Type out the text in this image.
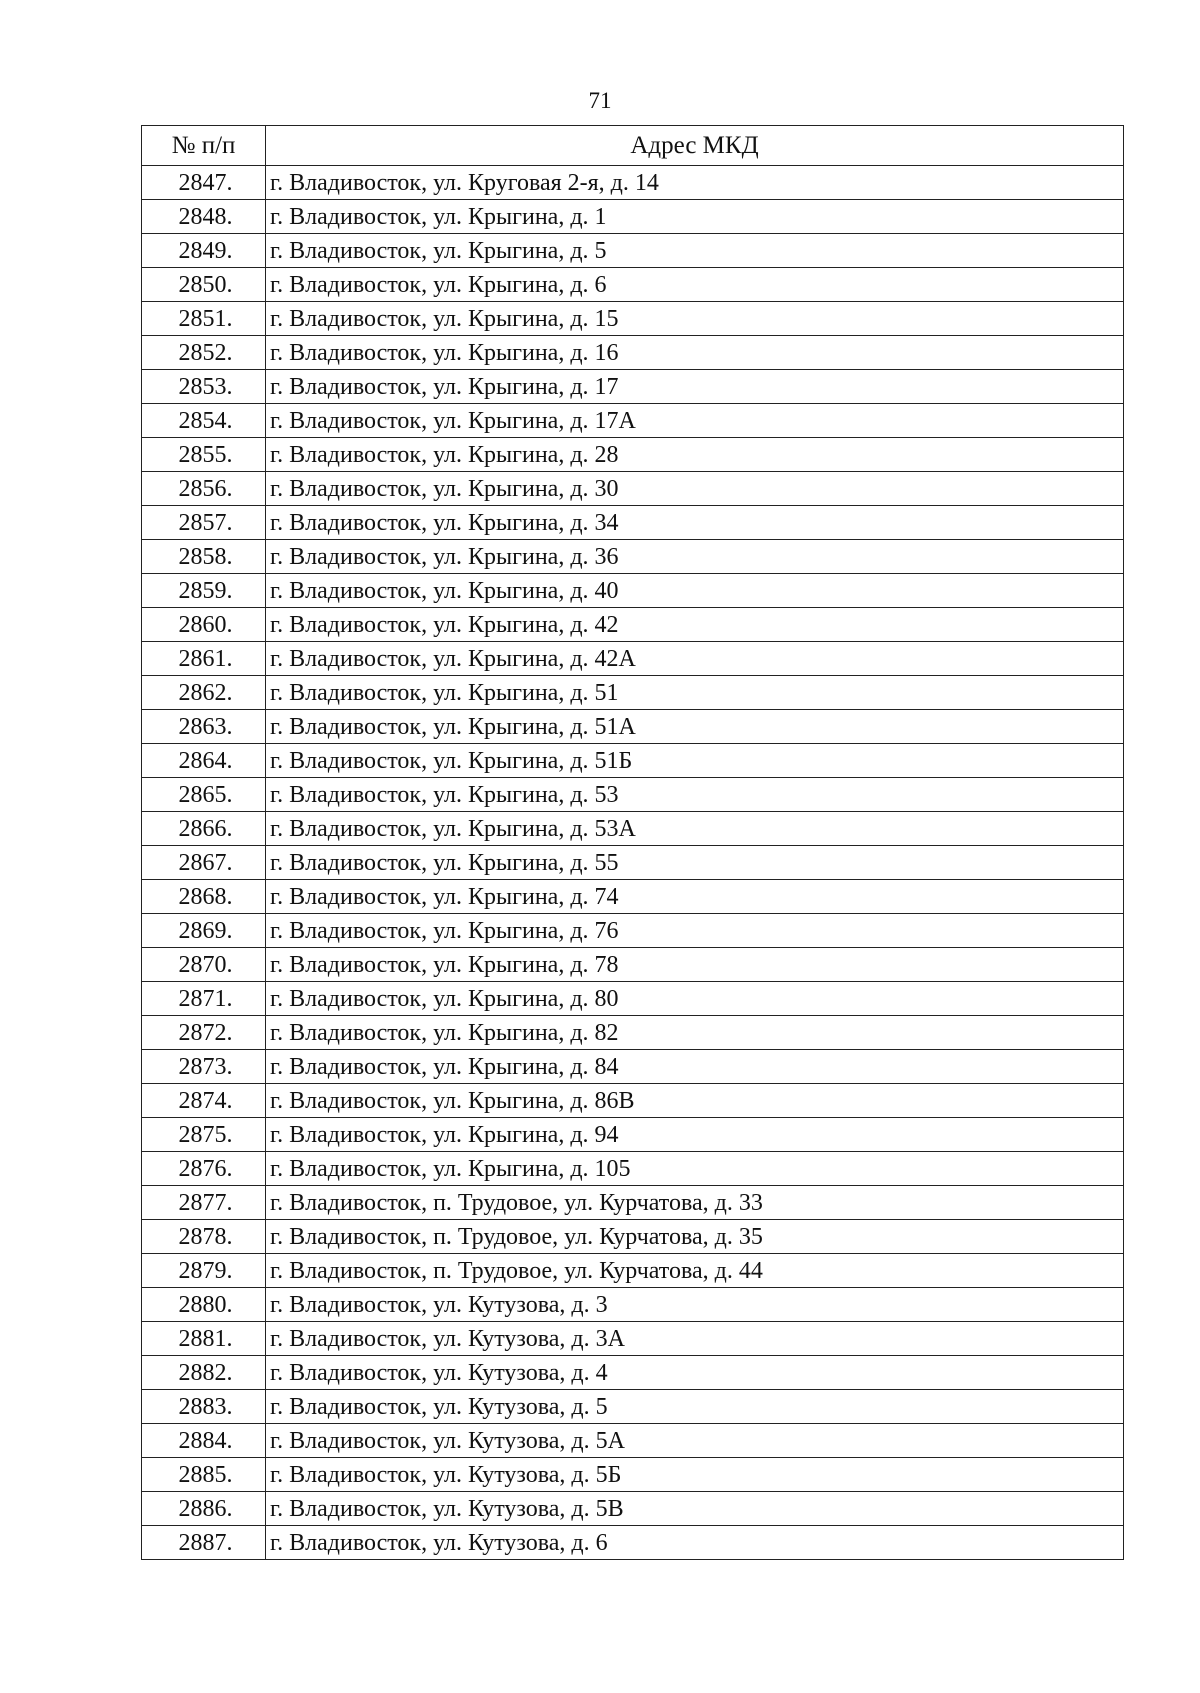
71
№ п/п	Адрес МКД
2847.	г. Владивосток, ул. Круговая 2-я, д. 14
2848.	г. Владивосток, ул. Крыгина, д. 1
2849.	г. Владивосток, ул. Крыгина, д. 5
2850.	г. Владивосток, ул. Крыгина, д. 6
2851.	г. Владивосток, ул. Крыгина, д. 15
2852.	г. Владивосток, ул. Крыгина, д. 16
2853.	г. Владивосток, ул. Крыгина, д. 17
2854.	г. Владивосток, ул. Крыгина, д. 17А
2855.	г. Владивосток, ул. Крыгина, д. 28
2856.	г. Владивосток, ул. Крыгина, д. 30
2857.	г. Владивосток, ул. Крыгина, д. 34
2858.	г. Владивосток, ул. Крыгина, д. 36
2859.	г. Владивосток, ул. Крыгина, д. 40
2860.	г. Владивосток, ул. Крыгина, д. 42
2861.	г. Владивосток, ул. Крыгина, д. 42А
2862.	г. Владивосток, ул. Крыгина, д. 51
2863.	г. Владивосток, ул. Крыгина, д. 51А
2864.	г. Владивосток, ул. Крыгина, д. 51Б
2865.	г. Владивосток, ул. Крыгина, д. 53
2866.	г. Владивосток, ул. Крыгина, д. 53А
2867.	г. Владивосток, ул. Крыгина, д. 55
2868.	г. Владивосток, ул. Крыгина, д. 74
2869.	г. Владивосток, ул. Крыгина, д. 76
2870.	г. Владивосток, ул. Крыгина, д. 78
2871.	г. Владивосток, ул. Крыгина, д. 80
2872.	г. Владивосток, ул. Крыгина, д. 82
2873.	г. Владивосток, ул. Крыгина, д. 84
2874.	г. Владивосток, ул. Крыгина, д. 86В
2875.	г. Владивосток, ул. Крыгина, д. 94
2876.	г. Владивосток, ул. Крыгина, д. 105
2877.	г. Владивосток, п. Трудовое, ул. Курчатова, д. 33
2878.	г. Владивосток, п. Трудовое, ул. Курчатова, д. 35
2879.	г. Владивосток, п. Трудовое, ул. Курчатова, д. 44
2880.	г. Владивосток, ул. Кутузова, д. 3
2881.	г. Владивосток, ул. Кутузова, д. 3А
2882.	г. Владивосток, ул. Кутузова, д. 4
2883.	г. Владивосток, ул. Кутузова, д. 5
2884.	г. Владивосток, ул. Кутузова, д. 5А
2885.	г. Владивосток, ул. Кутузова, д. 5Б
2886.	г. Владивосток, ул. Кутузова, д. 5В
2887.	г. Владивосток, ул. Кутузова, д. 6
